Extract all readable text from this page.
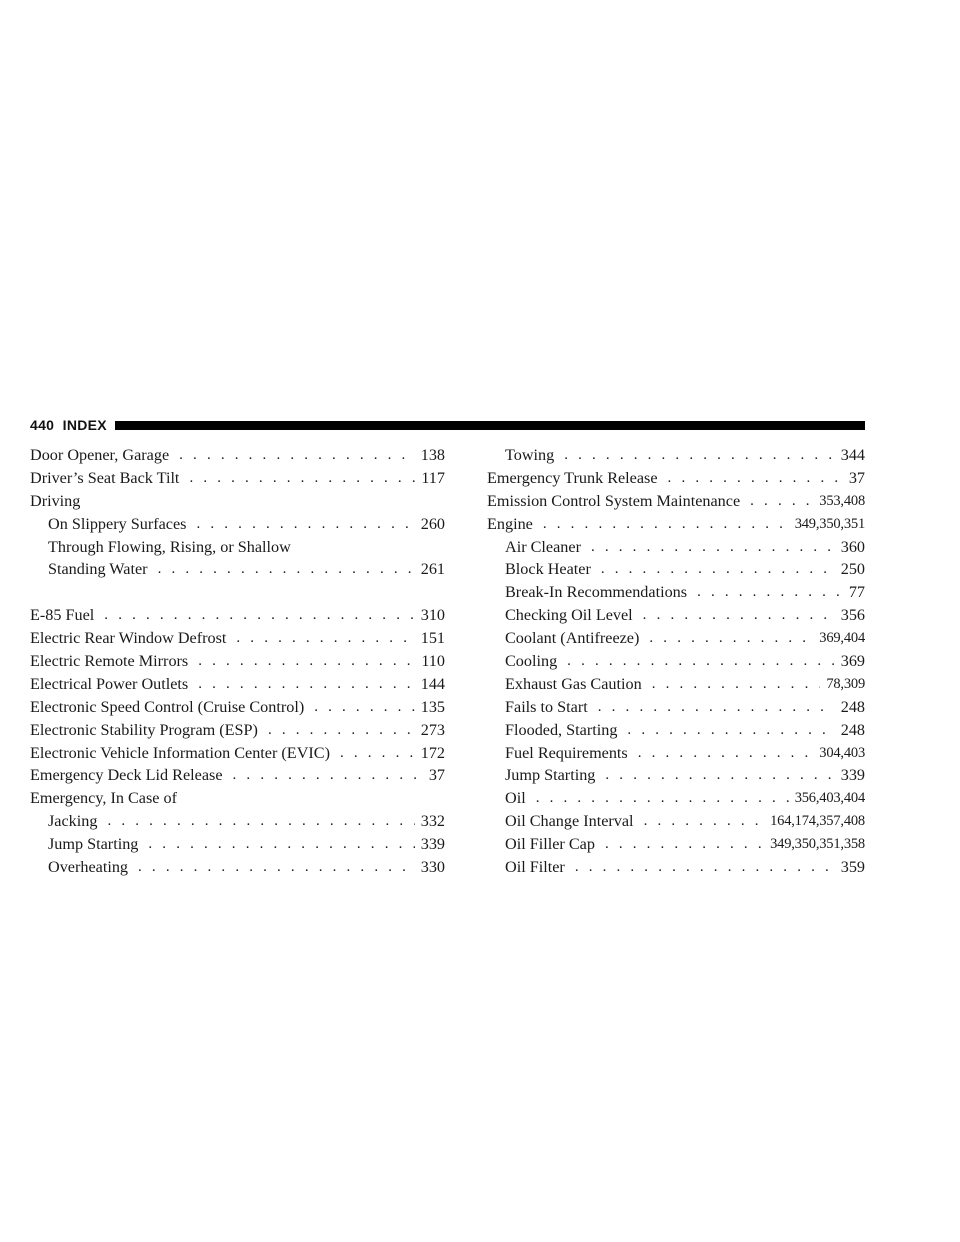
440 INDEX
Door Opener, Garage . . .	138
Driver’s Seat Back Tilt . . .	117
Driving
On Slippery Surfaces . . .	260
Through Flowing, Rising, or Shallow
Standing Water . . .	261
E-85 Fuel . . .	310
Electric Rear Window Defrost . . .	151
Electric Remote Mirrors . . .	110
Electrical Power Outlets . . .	144
Electronic Speed Control (Cruise Control) . . .	135
Electronic Stability Program (ESP) . . .	273
Electronic Vehicle Information Center (EVIC) . . .	172
Emergency Deck Lid Release . . .	37
Emergency, In Case of
Jacking . . .	332
Jump Starting . . .	339
Overheating . . .	330
Towing . . .	344
Emergency Trunk Release . . .	37
Emission Control System Maintenance . . .	353,408
Engine . . .	349,350,351
Air Cleaner . . .	360
Block Heater . . .	250
Break-In Recommendations . . .	77
Checking Oil Level . . .	356
Coolant (Antifreeze) . . .	369,404
Cooling . . .	369
Exhaust Gas Caution . . .	78,309
Fails to Start . . .	248
Flooded, Starting . . .	248
Fuel Requirements . . .	304,403
Jump Starting . . .	339
Oil . . .	356,403,404
Oil Change Interval . . .	164,174,357,408
Oil Filler Cap . . .	349,350,351,358
Oil Filter . . .	359
